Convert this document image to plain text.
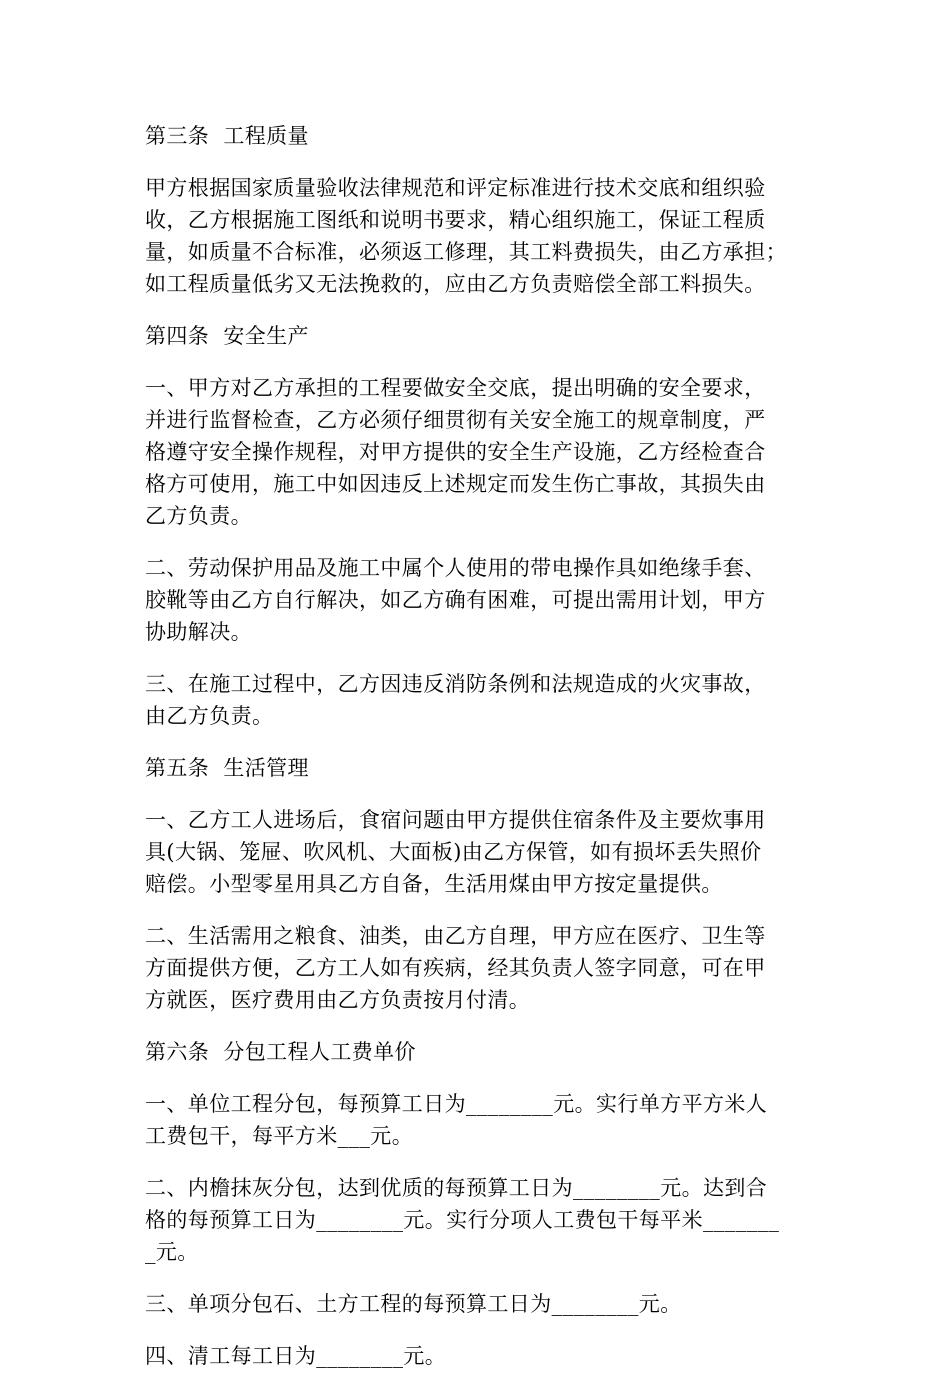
第三条  工程质量
甲方根据国家质量验收法律规范和评定标准进行技术交底和组织验
收，乙方根据施工图纸和说明书要求，精心组织施工，保证工程质
量，如质量不合标准，必须返工修理，其工料费损失，由乙方承担；
如工程质量低劣又无法挽救的，应由乙方负责赔偿全部工料损失。
第四条  安全生产
一、甲方对乙方承担的工程要做安全交底，提出明确的安全要求，
并进行监督检查，乙方必须仔细贯彻有关安全施工的规章制度，严
格遵守安全操作规程，对甲方提供的安全生产设施，乙方经检查合
格方可使用，施工中如因违反上述规定而发生伤亡事故，其损失由
乙方负责。
二、劳动保护用品及施工中属个人使用的带电操作具如绝缘手套、
胶靴等由乙方自行解决，如乙方确有困难，可提出需用计划，甲方
协助解决。
三、在施工过程中，乙方因违反消防条例和法规造成的火灾事故，
由乙方负责。
第五条  生活管理
一、乙方工人进场后，食宿问题由甲方提供住宿条件及主要炊事用
具(大锅、笼屉、吹风机、大面板)由乙方保管，如有损坏丢失照价
赔偿。小型零星用具乙方自备，生活用煤由甲方按定量提供。
二、生活需用之粮食、油类，由乙方自理，甲方应在医疗、卫生等
方面提供方便，乙方工人如有疾病，经其负责人签字同意，可在甲
方就医，医疗费用由乙方负责按月付清。
第六条  分包工程人工费单价
一、单位工程分包，每预算工日为________元。实行单方平方米人
工费包干，每平方米___元。
二、内檐抹灰分包，达到优质的每预算工日为________元。达到合
格的每预算工日为________元。实行分项人工费包干每平米_______
_元。
三、单项分包石、土方工程的每预算工日为________元。
四、清工每工日为________元。
